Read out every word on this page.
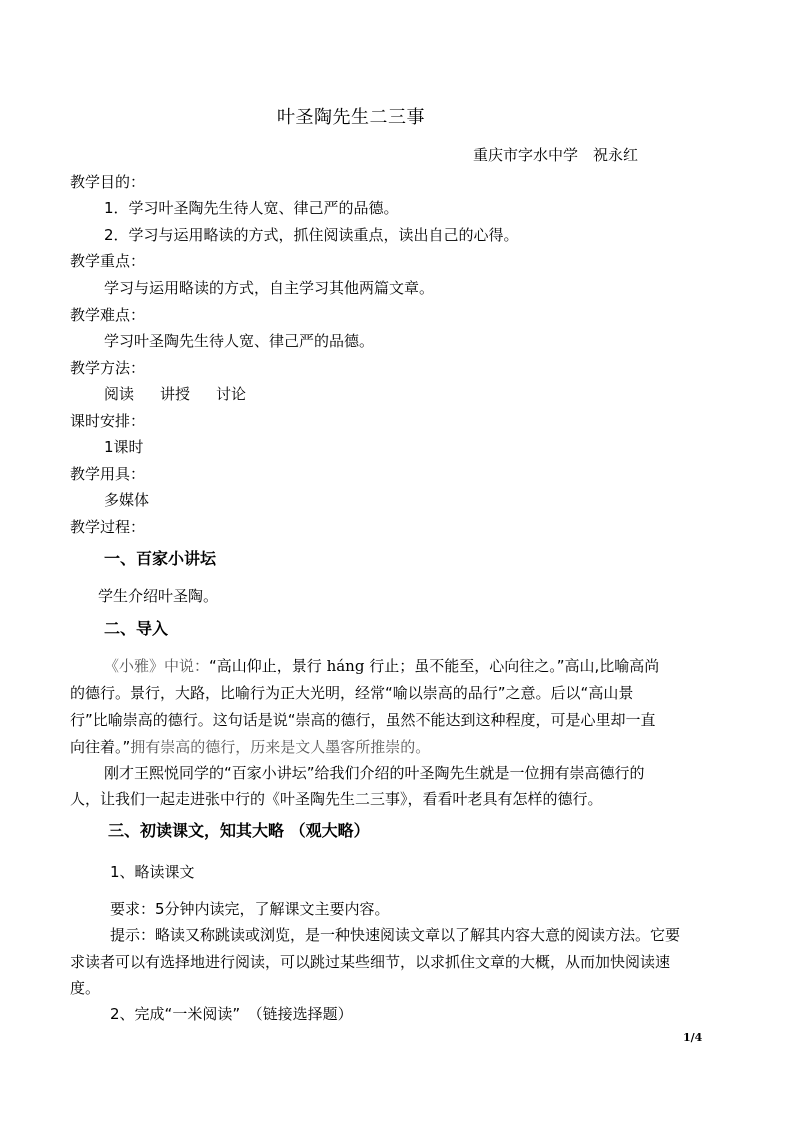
叶圣陶先生二三事
重庆市字水中学　祝永红
教学目的：
1．学习叶圣陶先生待人宽、律己严的品德。
2．学习与运用略读的方式，抓住阅读重点，读出自己的心得。
教学重点：
学习与运用略读的方式，自主学习其他两篇文章。
教学难点：
学习叶圣陶先生待人宽、律己严的品德。
教学方法：
阅读 讲授 讨论
课时安排：
1课时
教学用具：
多媒体
教学过程：
一、百家小讲坛
学生介绍叶圣陶。
二、导入
《小雅》中说：“高山仰止，景行 háng 行止；虽不能至，心向往之。”高山,比喻高尚
的德行。景行，大路，比喻行为正大光明，经常“喻以崇高的品行”之意。后以“高山景
行”比喻崇高的德行。这句话是说“崇高的德行，虽然不能达到这种程度，可是心里却一直
向往着。”拥有崇高的德行，历来是文人墨客所推崇的。
刚才王熙悦同学的“百家小讲坛”给我们介绍的叶圣陶先生就是一位拥有崇高德行的
人，让我们一起走进张中行的《叶圣陶先生二三事》，看看叶老具有怎样的德行。
三、初读课文，知其大略 （观大略）
1、略读课文
要求：5分钟内读完，了解课文主要内容。
提示：略读又称跳读或浏览，是一种快速阅读文章以了解其内容大意的阅读方法。它要
求读者可以有选择地进行阅读，可以跳过某些细节，以求抓住文章的大概，从而加快阅读速
度。
2、完成“一米阅读”　（链接选择题）
1/4
